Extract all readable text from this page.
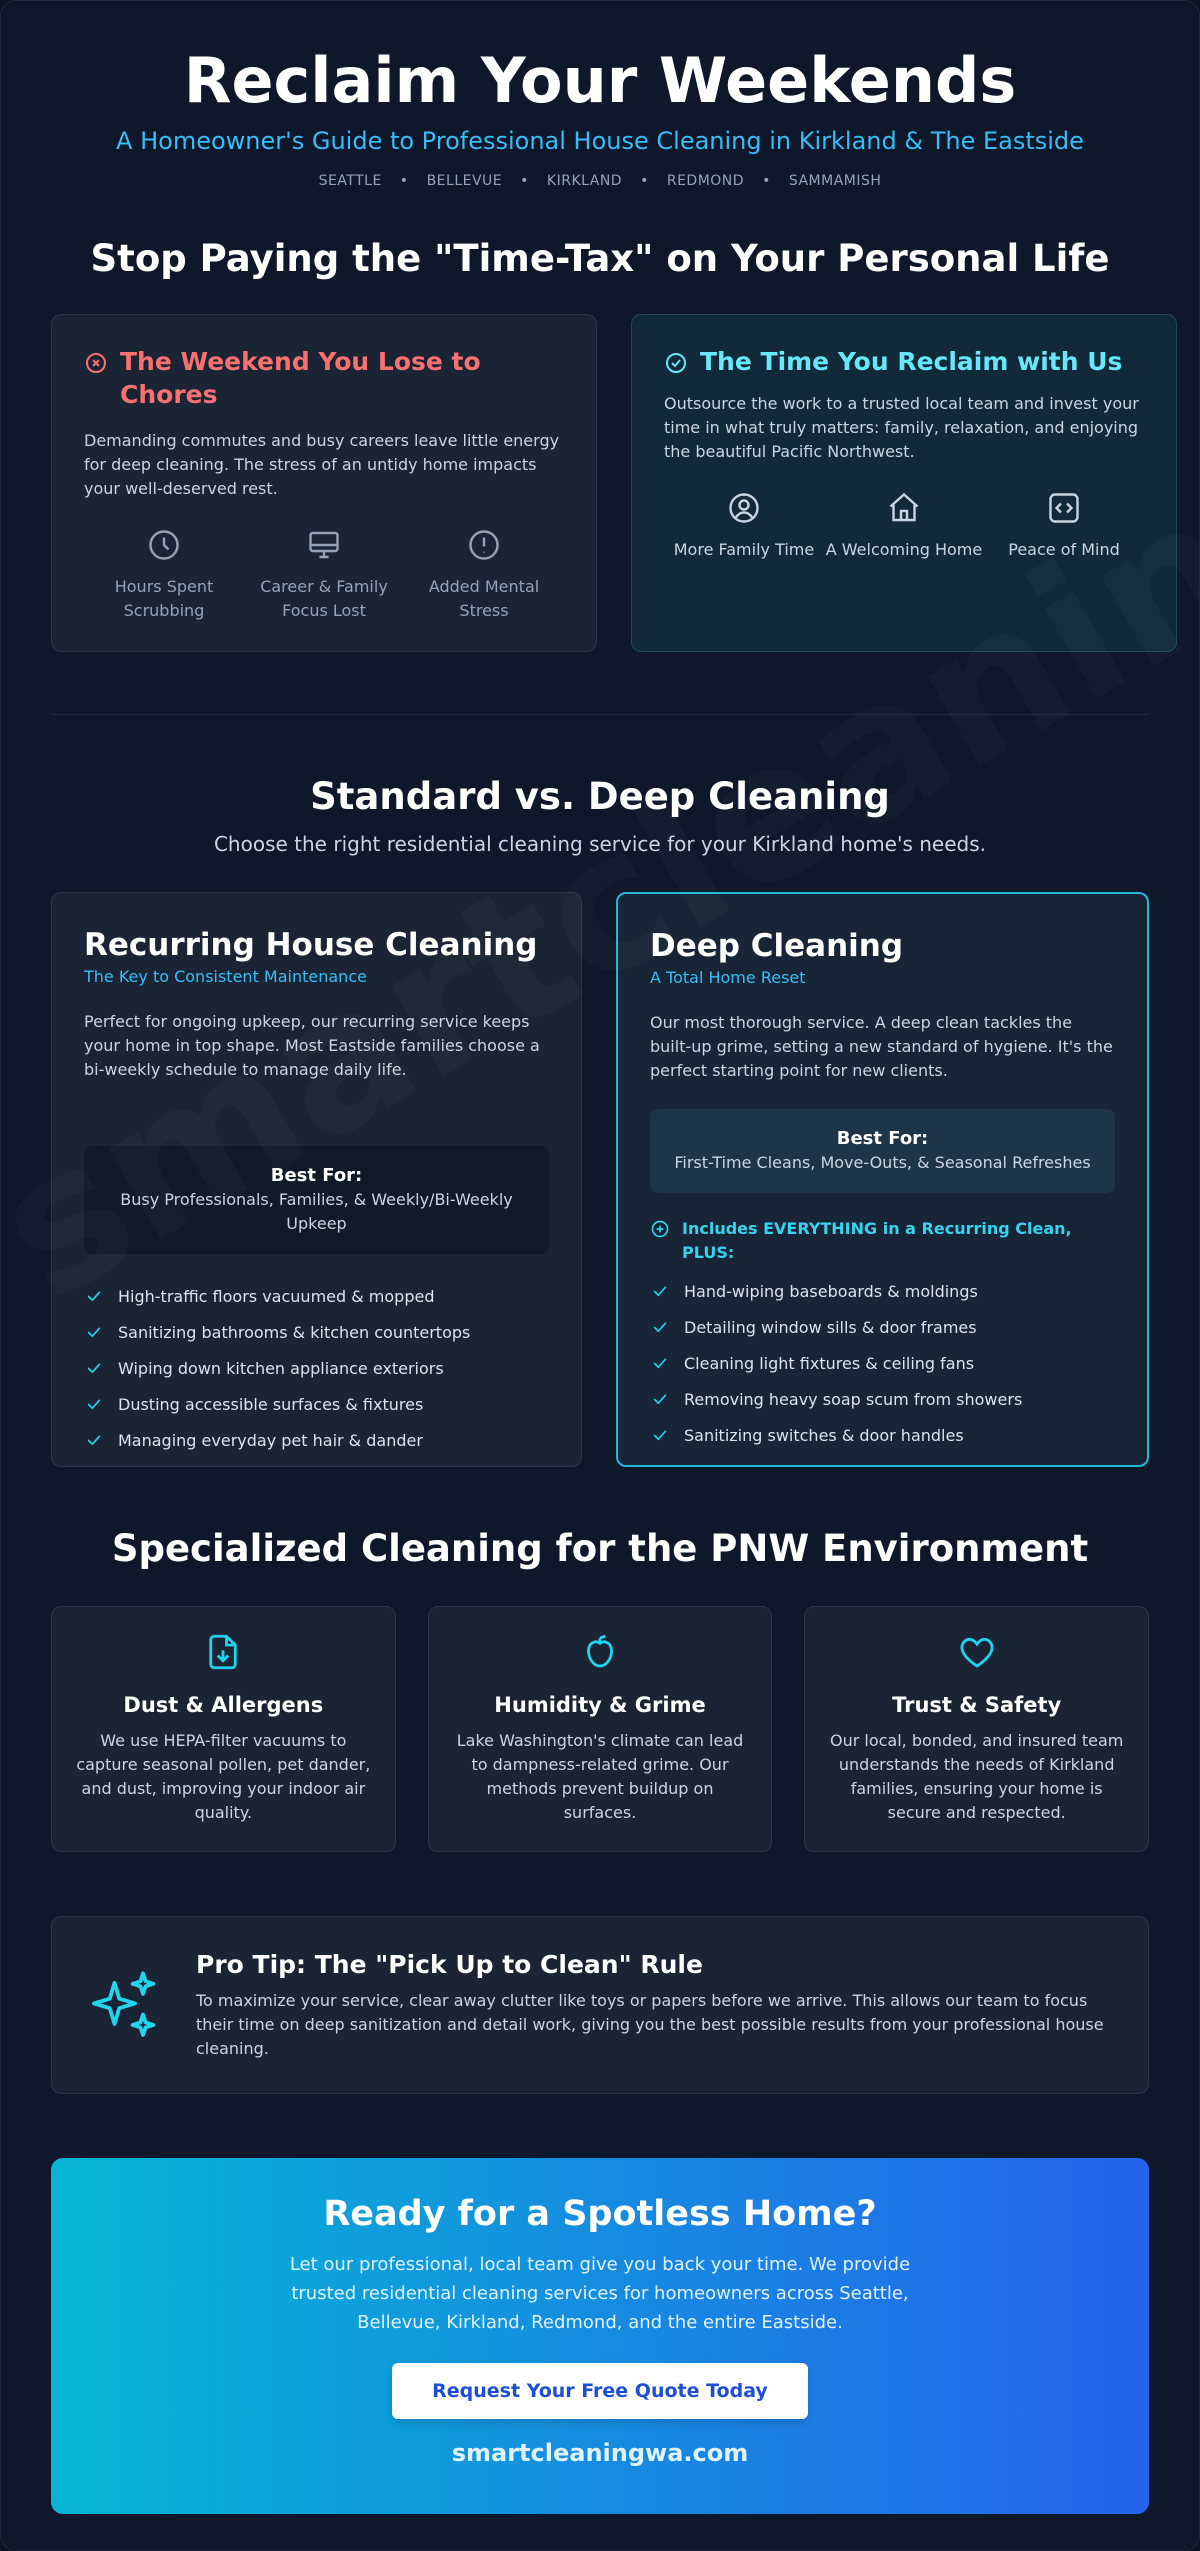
Reclaim Your Weekends
A Homeowner's Guide to Professional House Cleaning in Kirkland & The Eastside
SEATTLE • BELLEVUE • KIRKLAND • REDMOND • SAMMAMISH
Stop Paying the "Time-Tax" on Your Personal Life
The Weekend You Lose to Chores

Demanding commutes and busy careers leave little energy for deep cleaning. The stress of an untidy home impacts your well-deserved rest.

Hours Spent Scrubbing
Career & Family Focus Lost
Added Mental Stress
The Time You Reclaim with Us

Outsource the work to a trusted local team and invest your time in what truly matters: family, relaxation, and enjoying the beautiful Pacific Northwest.

More Family Time A Welcoming Home	Peace of Mind
Standard vs. Deep Cleaning
Choose the right residential cleaning service for your Kirkland home's needs.
Recurring House Cleaning
The Key to Consistent Maintenance

Perfect for ongoing upkeep, our recurring service keeps your home in top shape. Most Eastside families choose a bi-weekly schedule to manage daily life.

Best For:
Busy Professionals, Families, & Weekly/Bi-Weekly Upkeep
High-traffic floors vacuumed & mopped
Sanitizing bathrooms & kitchen countertops
Wiping down kitchen appliance exteriors
Dusting accessible surfaces & fixtures
Managing everyday pet hair & dander
Deep Cleaning
A Total Home Reset

Our most thorough service. A deep clean tackles the built-up grime, setting a new standard of hygiene. It's the perfect starting point for new clients.

Best For:
First-Time Cleans, Move-Outs, & Seasonal Refreshes
Includes EVERYTHING in a Recurring Clean, PLUS:
Hand-wiping baseboards & moldings
Detailing window sills & door frames
Cleaning light fixtures & ceiling fans
Removing heavy soap scum from showers
Sanitizing switches & door handles
Specialized Cleaning for the PNW Environment
Dust & Allergens

We use HEPA-filter vacuums to capture seasonal pollen, pet dander, and dust, improving your indoor air quality.

Humidity & Grime

Lake Washington's climate can lead to dampness-related grime. Our methods prevent buildup on surfaces.

Trust & Safety

Our local, bonded, and insured team understands the needs of Kirkland families, ensuring your home is secure and respected.

Pro Tip: The "Pick Up to Clean" Rule

To maximize your service, clear away clutter like toys or papers before we arrive. This allows our team to focus their time on deep sanitization and detail work, giving you the best possible results from your professional house cleaning.

Ready for a Spotless Home?

Let our professional, local team give you back your time. We provide trusted residential cleaning services for homeowners across Seattle, Bellevue, Kirkland, Redmond, and the entire Eastside.

Request Your Free Quote Today
smartcleaningwa.com
